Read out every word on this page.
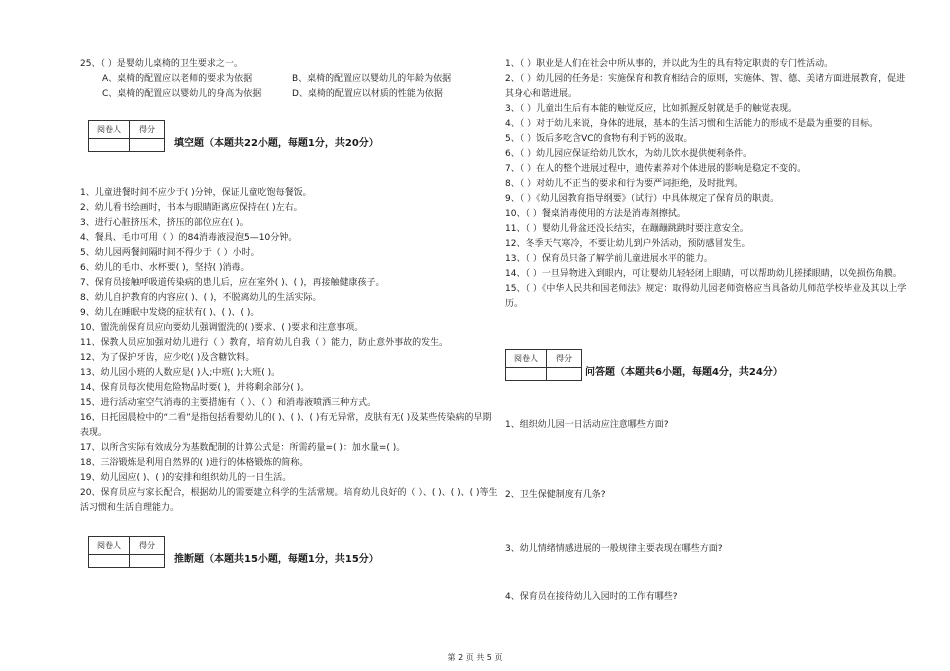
25、（ ）是婴幼儿桌椅的卫生要求之一。
A、桌椅的配置应以老师的要求为依据	B、桌椅的配置应以婴幼儿的年龄为依据
C、桌椅的配置应以婴幼儿的身高为依据	D、桌椅的配置应以材质的性能为依据
阅卷人	得分

填空题（本题共22小题，每题1分，共20分）
1、儿童进餐时间不应少于( )分钟，保证儿童吃饱每餐饭。
2、幼儿看书绘画时，书本与眼睛距离应保持在( )左右。
3、进行心脏挤压术，挤压的部位应在( )。
4、餐具、毛巾可用（ ）的84消毒液浸泡5—10分钟。
5、幼儿园两餐间隔时间不得少于（ ）小时。
6、幼儿的毛巾、水杯要( )，坚持( )消毒。
7、保育员接触呼吸道传染病的患儿后，应在室外( )、( )，再接触健康孩子。
8、幼儿自护教育的内容应( )、( )，不脱离幼儿的生活实际。
9、幼儿在睡眠中发烧的症状有( )、( )、( )。
10、盥洗前保育员应向要幼儿强调盥洗的( )要求、( )要求和注意事项。
11、保教人员应加强对幼儿进行（ ）教育，培育幼儿自我（ ）能力，防止意外事故的发生。
12、为了保护牙齿，应少吃( )及含糖饮料。
13、幼儿园小班的人数应是( )人;中班( );大班( )。
14、保育员每次使用危险物品时要( )，并将剩余部分( )。
15、进行活动室空气消毒的主要措施有（ ）、（ ）和消毒液喷洒三种方式。
16、日托园晨检中的“二看”是指包括看婴幼儿的( )、( )、( )有无异常，皮肤有无( )及某些传染病的早期表现。
17、以所含实际有效成分为基数配制的计算公式是：所需药量=( )：加水量=( )。
18、三浴锻炼是利用自然界的( )进行的体格锻炼的简称。
19、幼儿园应( )、( )的安排和组织幼儿的一日生活。
20、保育员应与家长配合，根据幼儿的需要建立科学的生活常规。培育幼儿良好的（ ）、( )、( )、( )等生活习惯和生活自理能力。
阅卷人	得分

推断题（本题共15小题，每题1分，共15分）
1、（ ）职业是人们在社会中所从事的，并以此为生的具有特定职责的专门性活动。
2、（ ）幼儿园的任务是：实施保育和教育相结合的原则，实施体、智、德、美诸方面进展教育，促进其身心和谐进展。
3、（ ）儿童出生后有本能的触觉反应，比如抓握反射就是手的触觉表现。
4、（ ）对于幼儿来说，身体的进展，基本的生活习惯和生活能力的形成不是最为重要的目标。
5、（ ）饭后多吃含VC的食物有利于钙的汲取。
6、（ ）幼儿园应保证给幼儿饮水，为幼儿饮水提供便利条件。
7、（ ）在人的整个进展过程中，遗传素养对个体进展的影响是稳定不变的。
8、（ ）对幼儿不正当的要求和行为要严词拒绝，及时批判。
9、（ ）《幼儿园教育指导纲要》（试行）中具体规定了保育员的职责。
10、（ ）餐桌消毒使用的方法是消毒剂擦拭。
11、（ ）婴幼儿骨盆还没长结实，在蹦蹦跳跳时要注意安全。
12、冬季天气寒冷，不要让幼儿到户外活动，预防感冒发生。
13、（ ）保育员只备了解学前儿童进展水平的能力。
14、（ ）一旦异物进入到眼内，可让婴幼儿轻轻闭上眼睛，可以帮助幼儿搓揉眼睛，以免损伤角膜。
15、（ ）《中华人民共和国老师法》规定：取得幼儿园老师资格应当具备幼儿师范学校毕业及其以上学历。
阅卷人	得分

问答题（本题共6小题，每题4分，共24分）
1、组织幼儿园一日活动应注意哪些方面?
2、卫生保健制度有几条?
3、幼儿情绪情感进展的一般规律主要表现在哪些方面?
4、保育员在接待幼儿入园时的工作有哪些?
第 2 页 共 5 页
